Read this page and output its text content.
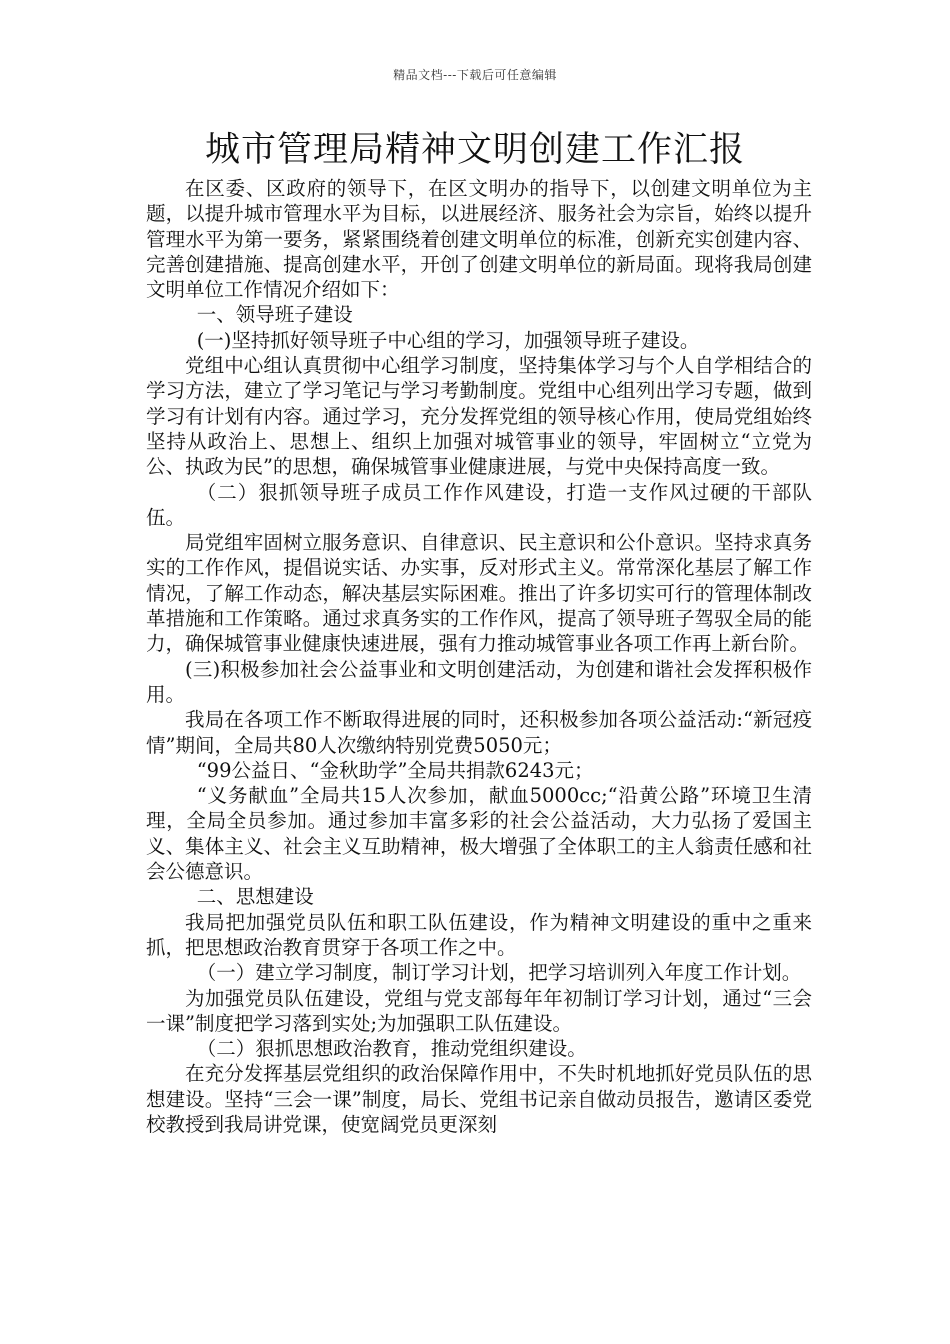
精品文档---下载后可任意编辑
城市管理局精神文明创建工作汇报

在区委、区政府的领导下，在区文明办的指导下，以创建文明单位为主题，以提升城市管理水平为目标，以进展经济、服务社会为宗旨，始终以提升管理水平为第一要务，紧紧围绕着创建文明单位的标准，创新充实创建内容、完善创建措施、提高创建水平，开创了创建文明单位的新局面。现将我局创建文明单位工作情况介绍如下：

一、领导班子建设

(一)坚持抓好领导班子中心组的学习，加强领导班子建设。

党组中心组认真贯彻中心组学习制度，坚持集体学习与个人自学相结合的学习方法，建立了学习笔记与学习考勤制度。党组中心组列出学习专题，做到学习有计划有内容。通过学习，充分发挥党组的领导核心作用，使局党组始终坚持从政治上、思想上、组织上加强对城管事业的领导，牢固树立“立党为公、执政为民”的思想，确保城管事业健康进展，与党中央保持高度一致。

（二）狠抓领导班子成员工作作风建设，打造一支作风过硬的干部队伍。

局党组牢固树立服务意识、自律意识、民主意识和公仆意识。坚持求真务实的工作作风，提倡说实话、办实事，反对形式主义。常常深化基层了解工作情况，了解工作动态，解决基层实际困难。推出了许多切实可行的管理体制改革措施和工作策略。通过求真务实的工作作风，提高了领导班子驾驭全局的能力，确保城管事业健康快速进展，强有力推动城管事业各项工作再上新台阶。

(三)积极参加社会公益事业和文明创建活动，为创建和谐社会发挥积极作用。

我局在各项工作不断取得进展的同时，还积极参加各项公益活动:“新冠疫情”期间，全局共80人次缴纳特别党费5050元；

“99公益日、“金秋助学”全局共捐款6243元；

“义务献血”全局共15人次参加，献血5000cc;“沿黄公路”环境卫生清理，全局全员参加。通过参加丰富多彩的社会公益活动，大力弘扬了爱国主义、集体主义、社会主义互助精神，极大增强了全体职工的主人翁责任感和社会公德意识。

二、思想建设

我局把加强党员队伍和职工队伍建设，作为精神文明建设的重中之重来抓，把思想政治教育贯穿于各项工作之中。

（一）建立学习制度，制订学习计划，把学习培训列入年度工作计划。

为加强党员队伍建设，党组与党支部每年年初制订学习计划，通过“三会一课”制度把学习落到实处;为加强职工队伍建设。

（二）狠抓思想政治教育，推动党组织建设。

在充分发挥基层党组织的政治保障作用中，不失时机地抓好党员队伍的思想建设。坚持“三会一课”制度，局长、党组书记亲自做动员报告，邀请区委党校教授到我局讲党课，使宽阔党员更深刻
